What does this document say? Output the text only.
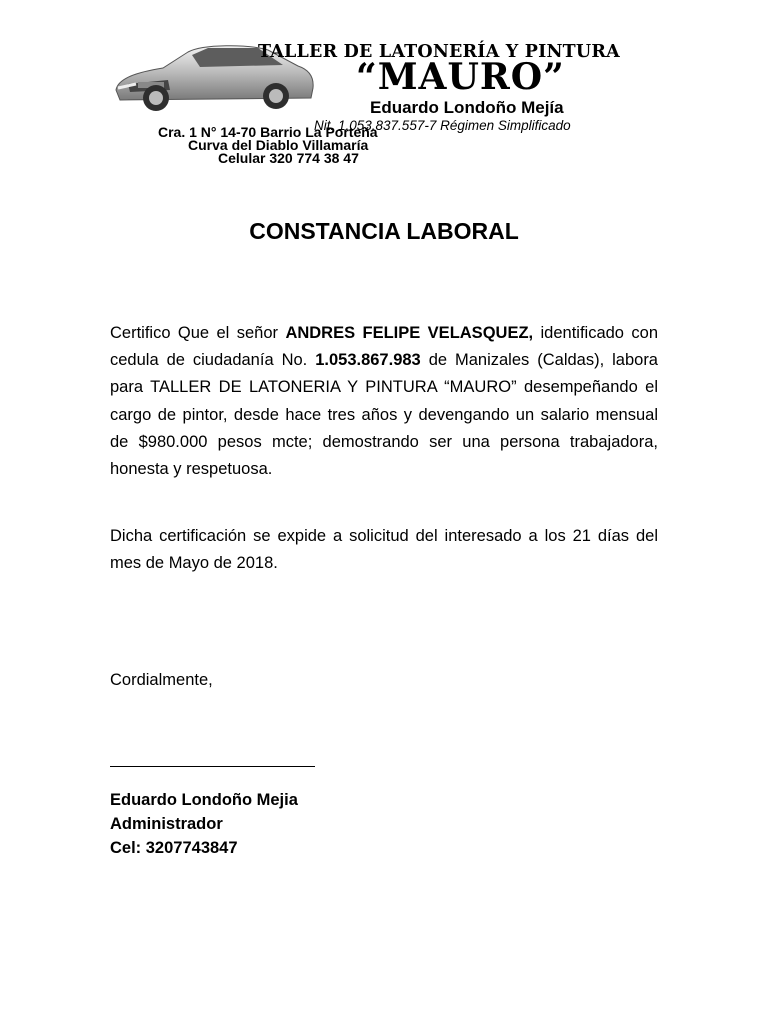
TALLER DE LATONERÍA Y PINTURA
“MAURO”
Eduardo Londoño Mejía
Nit. 1.053.837.557-7 Régimen Simplificado
Cra. 1 N° 14-70 Barrio La Porteña
Curva del Diablo Villamaría
Celular 320 774 38 47
CONSTANCIA LABORAL

Certifico Que el señor ANDRES FELIPE VELASQUEZ, identificado con cedula de ciudadanía No. 1.053.867.983 de Manizales (Caldas), labora para TALLER DE LATONERIA Y PINTURA “MAURO” desempeñando el cargo de pintor, desde hace tres años y devengando un salario mensual de $980.000 pesos mcte; demostrando ser una persona trabajadora, honesta y respetuosa.

Dicha certificación se expide a solicitud del interesado a los 21 días del mes de Mayo de 2018.

Cordialmente,
Eduardo Londoño Mejia
Administrador
Cel: 3207743847
